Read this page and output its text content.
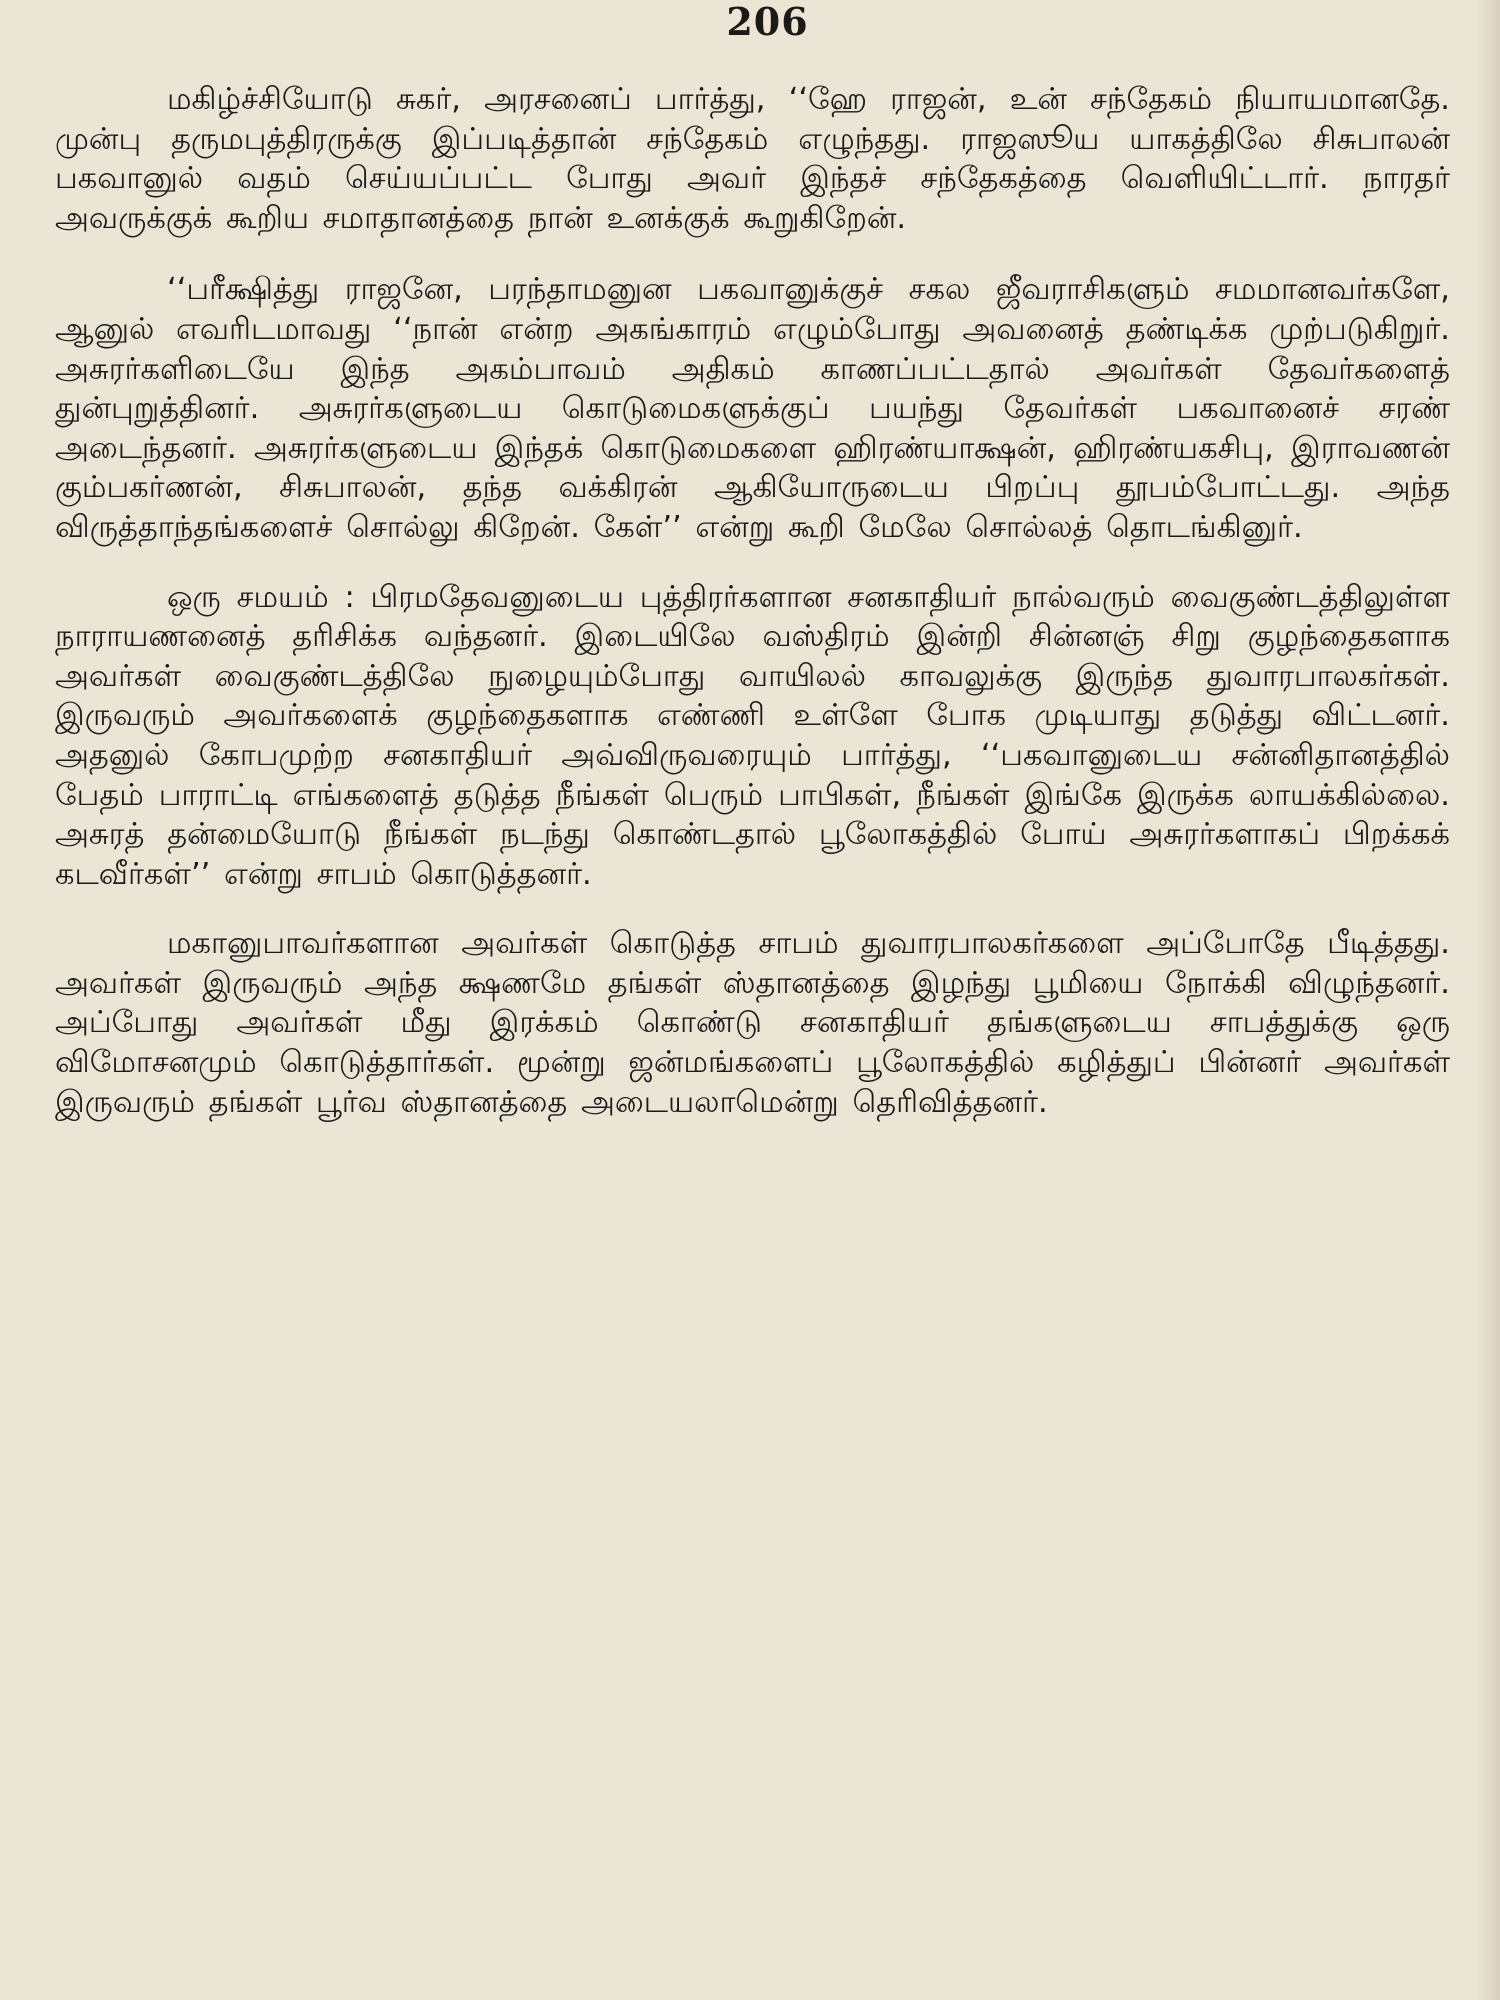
206

மகிழ்ச்சியோடு சுகர், அரசனைப் பார்த்து, ‘‘ஹே ராஜன், உன் சந்தேகம் நியாயமானதே. முன்பு தருமபுத்திரருக்கு இப்படித்தான் சந்தேகம் எழுந்தது. ராஜஸூய யாகத்திலே சிசுபாலன் பகவானுல் வதம் செய்யப்பட்ட போது அவர் இந்தச் சந்தேகத்தை வெளியிட்டார். நாரதர் அவருக்குக் கூறிய சமாதானத்தை நான் உனக்குக் கூறுகிறேன்.

‘‘பரீக்ஷித்து ராஜனே, பரந்தாமனுன பகவானுக்குச் சகல ஜீவராசிகளும் சமமானவர்களே, ஆனுல் எவரிடமாவது ‘‘நான் என்ற அகங்காரம் எழும்போது அவனைத் தண்டிக்க முற்படுகிறுர். அசுரர்களிடையே இந்த அகம்பாவம் அதிகம் காணப்பட்டதால் அவர்கள் தேவர்களைத் துன்புறுத்தினர். அசுரர்களுடைய கொடுமைகளுக்குப் பயந்து தேவர்கள் பகவானைச் சரண் அடைந்தனர். அசுரர்களுடைய இந்தக் கொடுமைகளை ஹிரண்யாக்ஷன், ஹிரண்யகசிபு, இராவணன் கும்பகர்ணன், சிசுபாலன், தந்த வக்கிரன் ஆகியோருடைய பிறப்பு தூபம்போட்டது. அந்த விருத்தாந்தங்களைச் சொல்லு கிறேன். கேள்’’ என்று கூறி மேலே சொல்லத் தொடங்கினுர்.

ஒரு சமயம் : பிரமதேவனுடைய புத்திரர்களான சனகாதியர் நால்வரும் வைகுண்டத்திலுள்ள நாராயணனைத் தரிசிக்க வந்தனர். இடையிலே வஸ்திரம் இன்றி சின்னஞ் சிறு குழந்தைகளாக அவர்கள் வைகுண்டத்திலே நுழையும்போது வாயிலல் காவலுக்கு இருந்த துவாரபாலகர்கள். இருவரும் அவர்களைக் குழந்தைகளாக எண்ணி உள்ளே போக முடியாது தடுத்து விட்டனர். அதனுல் கோபமுற்ற சனகாதியர் அவ்விருவரையும் பார்த்து, ‘‘பகவானுடைய சன்னிதானத்தில் பேதம் பாராட்டி எங்களைத் தடுத்த நீங்கள் பெரும் பாபிகள், நீங்கள் இங்கே இருக்க லாயக்கில்லை. அசுரத் தன்மையோடு நீங்கள் நடந்து கொண்டதால் பூலோகத்தில் போய் அசுரர்களாகப் பிறக்கக் கடவீர்கள்’’ என்று சாபம் கொடுத்தனர்.

மகானுபாவர்களான அவர்கள் கொடுத்த சாபம் துவாரபாலகர்களை அப்போதே பீடித்தது. அவர்கள் இருவரும் அந்த க்ஷணமே தங்கள் ஸ்தானத்தை இழந்து பூமியை நோக்கி விழுந்தனர். அப்போது அவர்கள் மீது இரக்கம் கொண்டு சனகாதியர் தங்களுடைய சாபத்துக்கு ஒரு விமோசனமும் கொடுத்தார்கள். மூன்று ஜன்மங்களைப் பூலோகத்தில் கழித்துப் பின்னர் அவர்கள் இருவரும் தங்கள் பூர்வ ஸ்தானத்தை அடையலாமென்று தெரிவித்தனர்.
